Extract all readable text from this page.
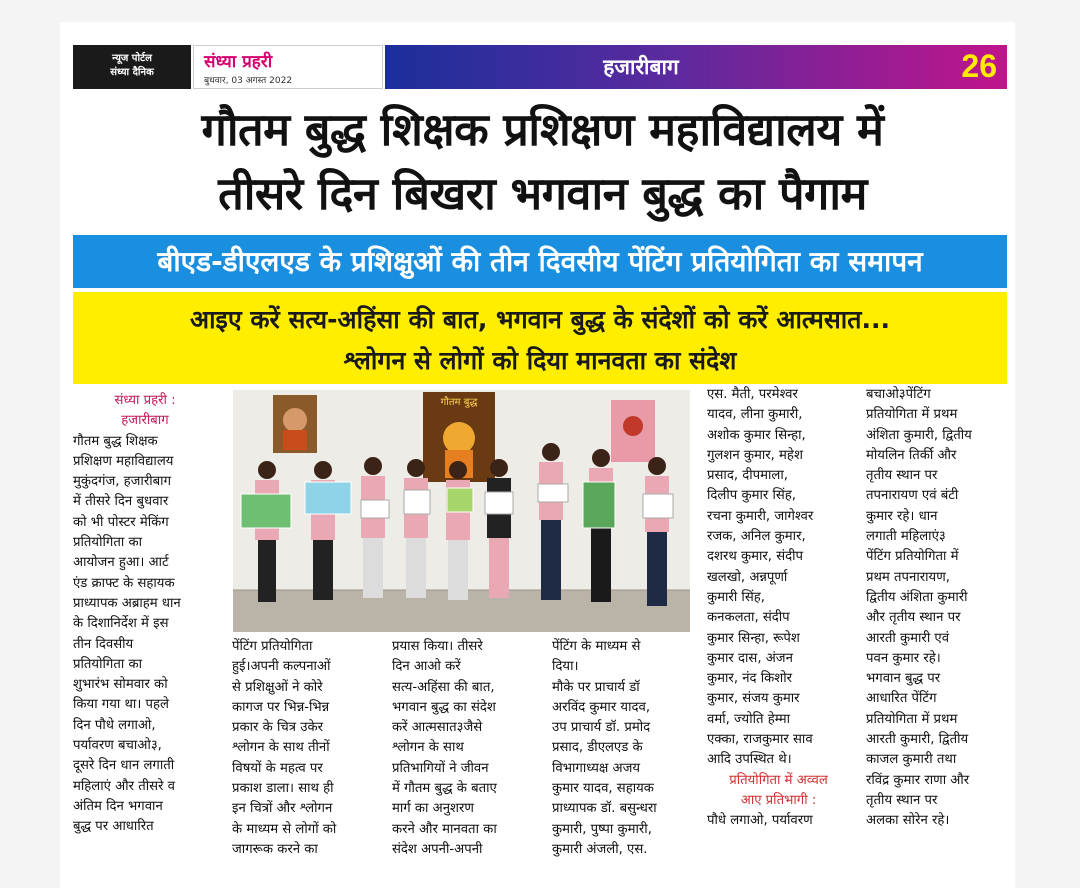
न्यूज पोर्टल
संध्या दैनिक
संध्या प्रहरी
बुधवार, 03 अगस्त 2022
हजारीबाग	26
गौतम बुद्ध शिक्षक प्रशिक्षण महाविद्यालय में
तीसरे दिन बिखरा भगवान बुद्ध का पैगाम
बीएड-डीएलएड के प्रशिक्षुओं की तीन दिवसीय पेंटिंग प्रतियोगिता का समापन
आइए करें सत्य-अहिंसा की बात, भगवान बुद्ध के संदेशों को करें आत्मसात...
श्लोगन से लोगों को दिया मानवता का संदेश
गौतम बुद्ध

संध्या प्रहरी :

हजारीबाग

गौतम बुद्ध शिक्षक

प्रशिक्षण महाविद्यालय

मुकुंदगंज, हजारीबाग

में तीसरे दिन बुधवार

को भी पोस्टर मेकिंग

प्रतियोगिता का

आयोजन हुआ। आर्ट

एंड क्राफ्ट के सहायक

प्राध्यापक अब्राहम धान

के दिशानिर्देश में इस

तीन दिवसीय

प्रतियोगिता का

शुभारंभ सोमवार को

किया गया था। पहले

दिन पौधे लगाओ,

पर्यावरण बचाओ३,

दूसरे दिन धान लगाती

महिलाएं और तीसरे व

अंतिम दिन भगवान

बुद्ध पर आधारित

पेंटिंग प्रतियोगिता

हुई।अपनी कल्पनाओं

से प्रशिक्षुओं ने कोरे

कागज पर भिन्न-भिन्न

प्रकार के चित्र उकेर

श्लोगन के साथ तीनों

विषयों के महत्व पर

प्रकाश डाला। साथ ही

इन चित्रों और श्लोगन

के माध्यम से लोगों को

जागरूक करने का

प्रयास किया। तीसरे

दिन आओ करें

सत्य-अहिंसा की बात,

भगवान बुद्ध का संदेश

करें आत्मसात३जैसे

श्लोगन के साथ

प्रतिभागियों ने जीवन

में गौतम बुद्ध के बताए

मार्ग का अनुशरण

करने और मानवता का

संदेश अपनी-अपनी

पेंटिंग के माध्यम से

दिया।

मौके पर प्राचार्य डॉ

अरविंद कुमार यादव,

उप प्राचार्य डॉ. प्रमोद

प्रसाद, डीएलएड के

विभागाध्यक्ष अजय

कुमार यादव, सहायक

प्राध्यापक डॉ. बसुन्धरा

कुमारी, पुष्पा कुमारी,

कुमारी अंजली, एस.

एस. मैती, परमेश्वर

यादव, लीना कुमारी,

अशोक कुमार सिन्हा,

गुलशन कुमार, महेश

प्रसाद, दीपमाला,

दिलीप कुमार सिंह,

रचना कुमारी, जागेश्वर

रजक, अनिल कुमार,

दशरथ कुमार, संदीप

खलखो, अन्नपूर्णा

कुमारी सिंह,

कनकलता, संदीप

कुमार सिन्हा, रूपेश

कुमार दास, अंजन

कुमार, नंद किशोर

कुमार, संजय कुमार

वर्मा, ज्योति हेम्मा

एक्का, राजकुमार साव

आदि उपस्थित थे।

प्रतियोगिता में अव्वल

आए प्रतिभागी :

पौधे लगाओ, पर्यावरण

बचाओ३पेंटिंग

प्रतियोगिता में प्रथम

अंशिता कुमारी, द्वितीय

मोयलिन तिर्की और

तृतीय स्थान पर

तपनारायण एवं बंटी

कुमार रहे। धान

लगाती महिलाएं३

पेंटिंग प्रतियोगिता में

प्रथम तपनारायण,

द्वितीय अंशिता कुमारी

और तृतीय स्थान पर

आरती कुमारी एवं

पवन कुमार रहे।

भगवान बुद्ध पर

आधारित पेंटिंग

प्रतियोगिता में प्रथम

आरती कुमारी, द्वितीय

काजल कुमारी तथा

रविंद्र कुमार राणा और

तृतीय स्थान पर

अलका सोरेन रहे।
